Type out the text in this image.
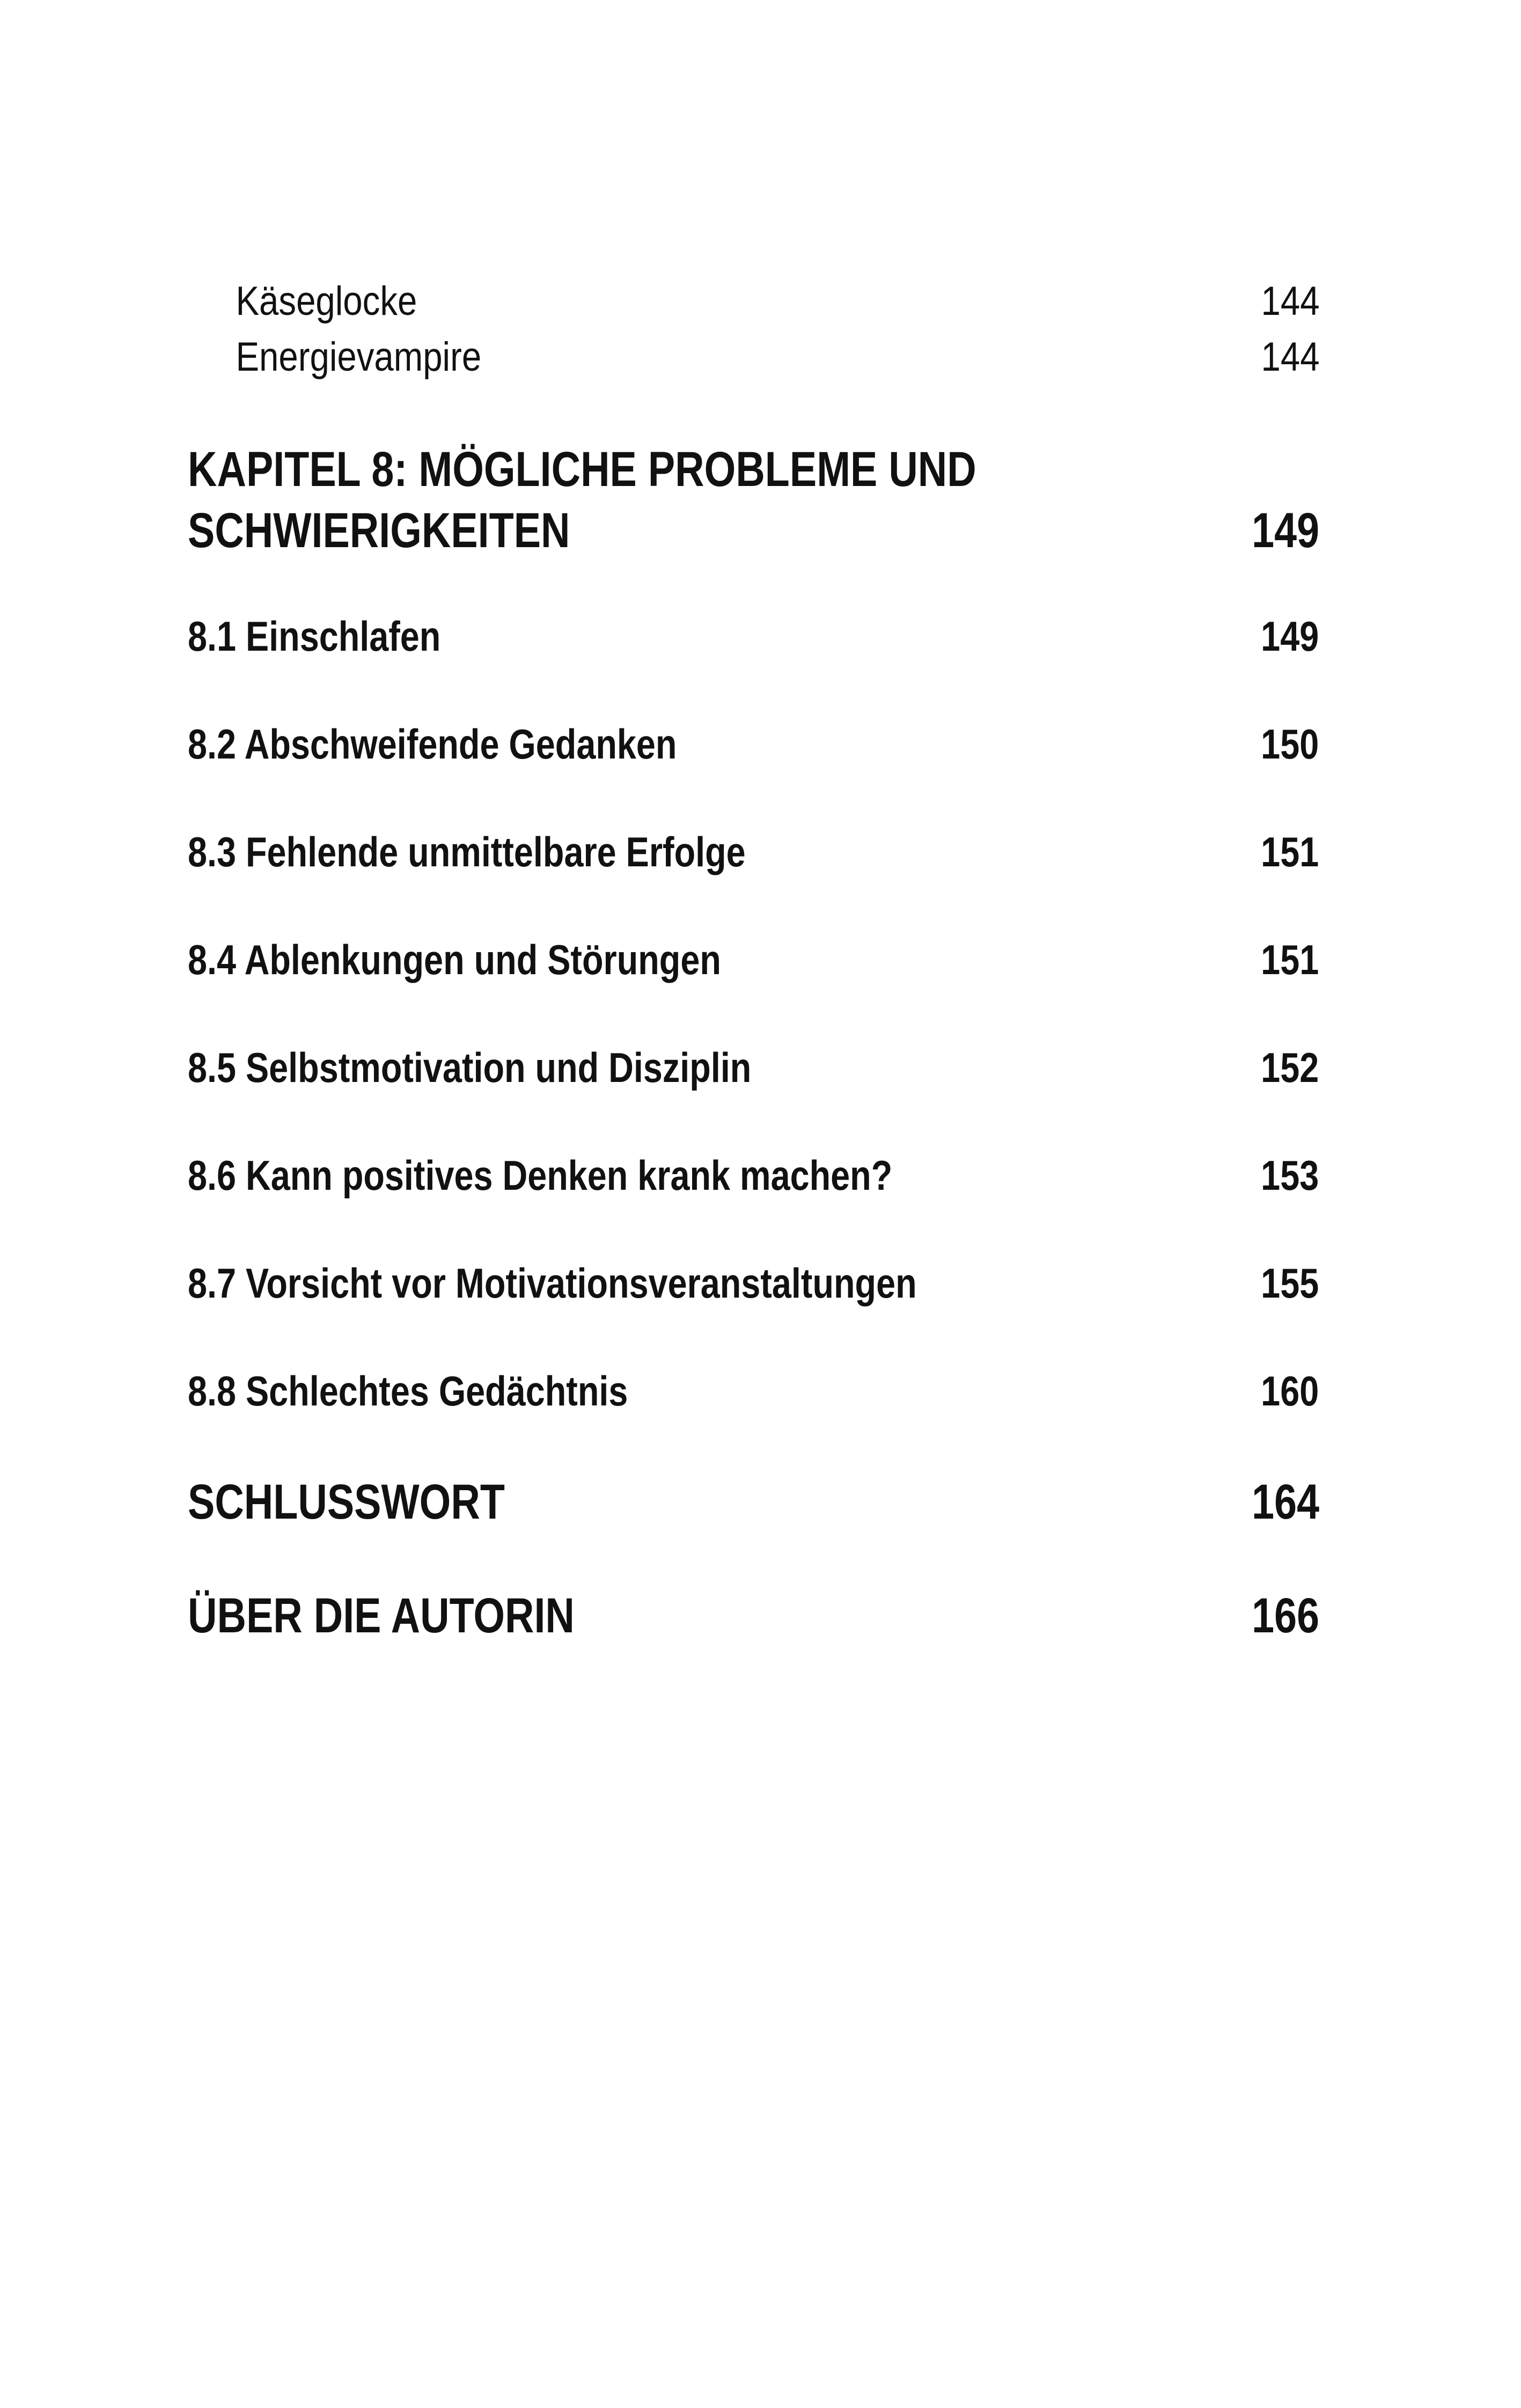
Käseglocke	144
Energievampire	144
KAPITEL 8: MÖGLICHE PROBLEME UND
SCHWIERIGKEITEN	149
8.1 Einschlafen	149
8.2 Abschweifende Gedanken	150
8.3 Fehlende unmittelbare Erfolge	151
8.4 Ablenkungen und Störungen	151
8.5 Selbstmotivation und Disziplin	152
8.6 Kann positives Denken krank machen?	153
8.7 Vorsicht vor Motivationsveranstaltungen	155
8.8 Schlechtes Gedächtnis	160
SCHLUSSWORT	164
ÜBER DIE AUTORIN	166
